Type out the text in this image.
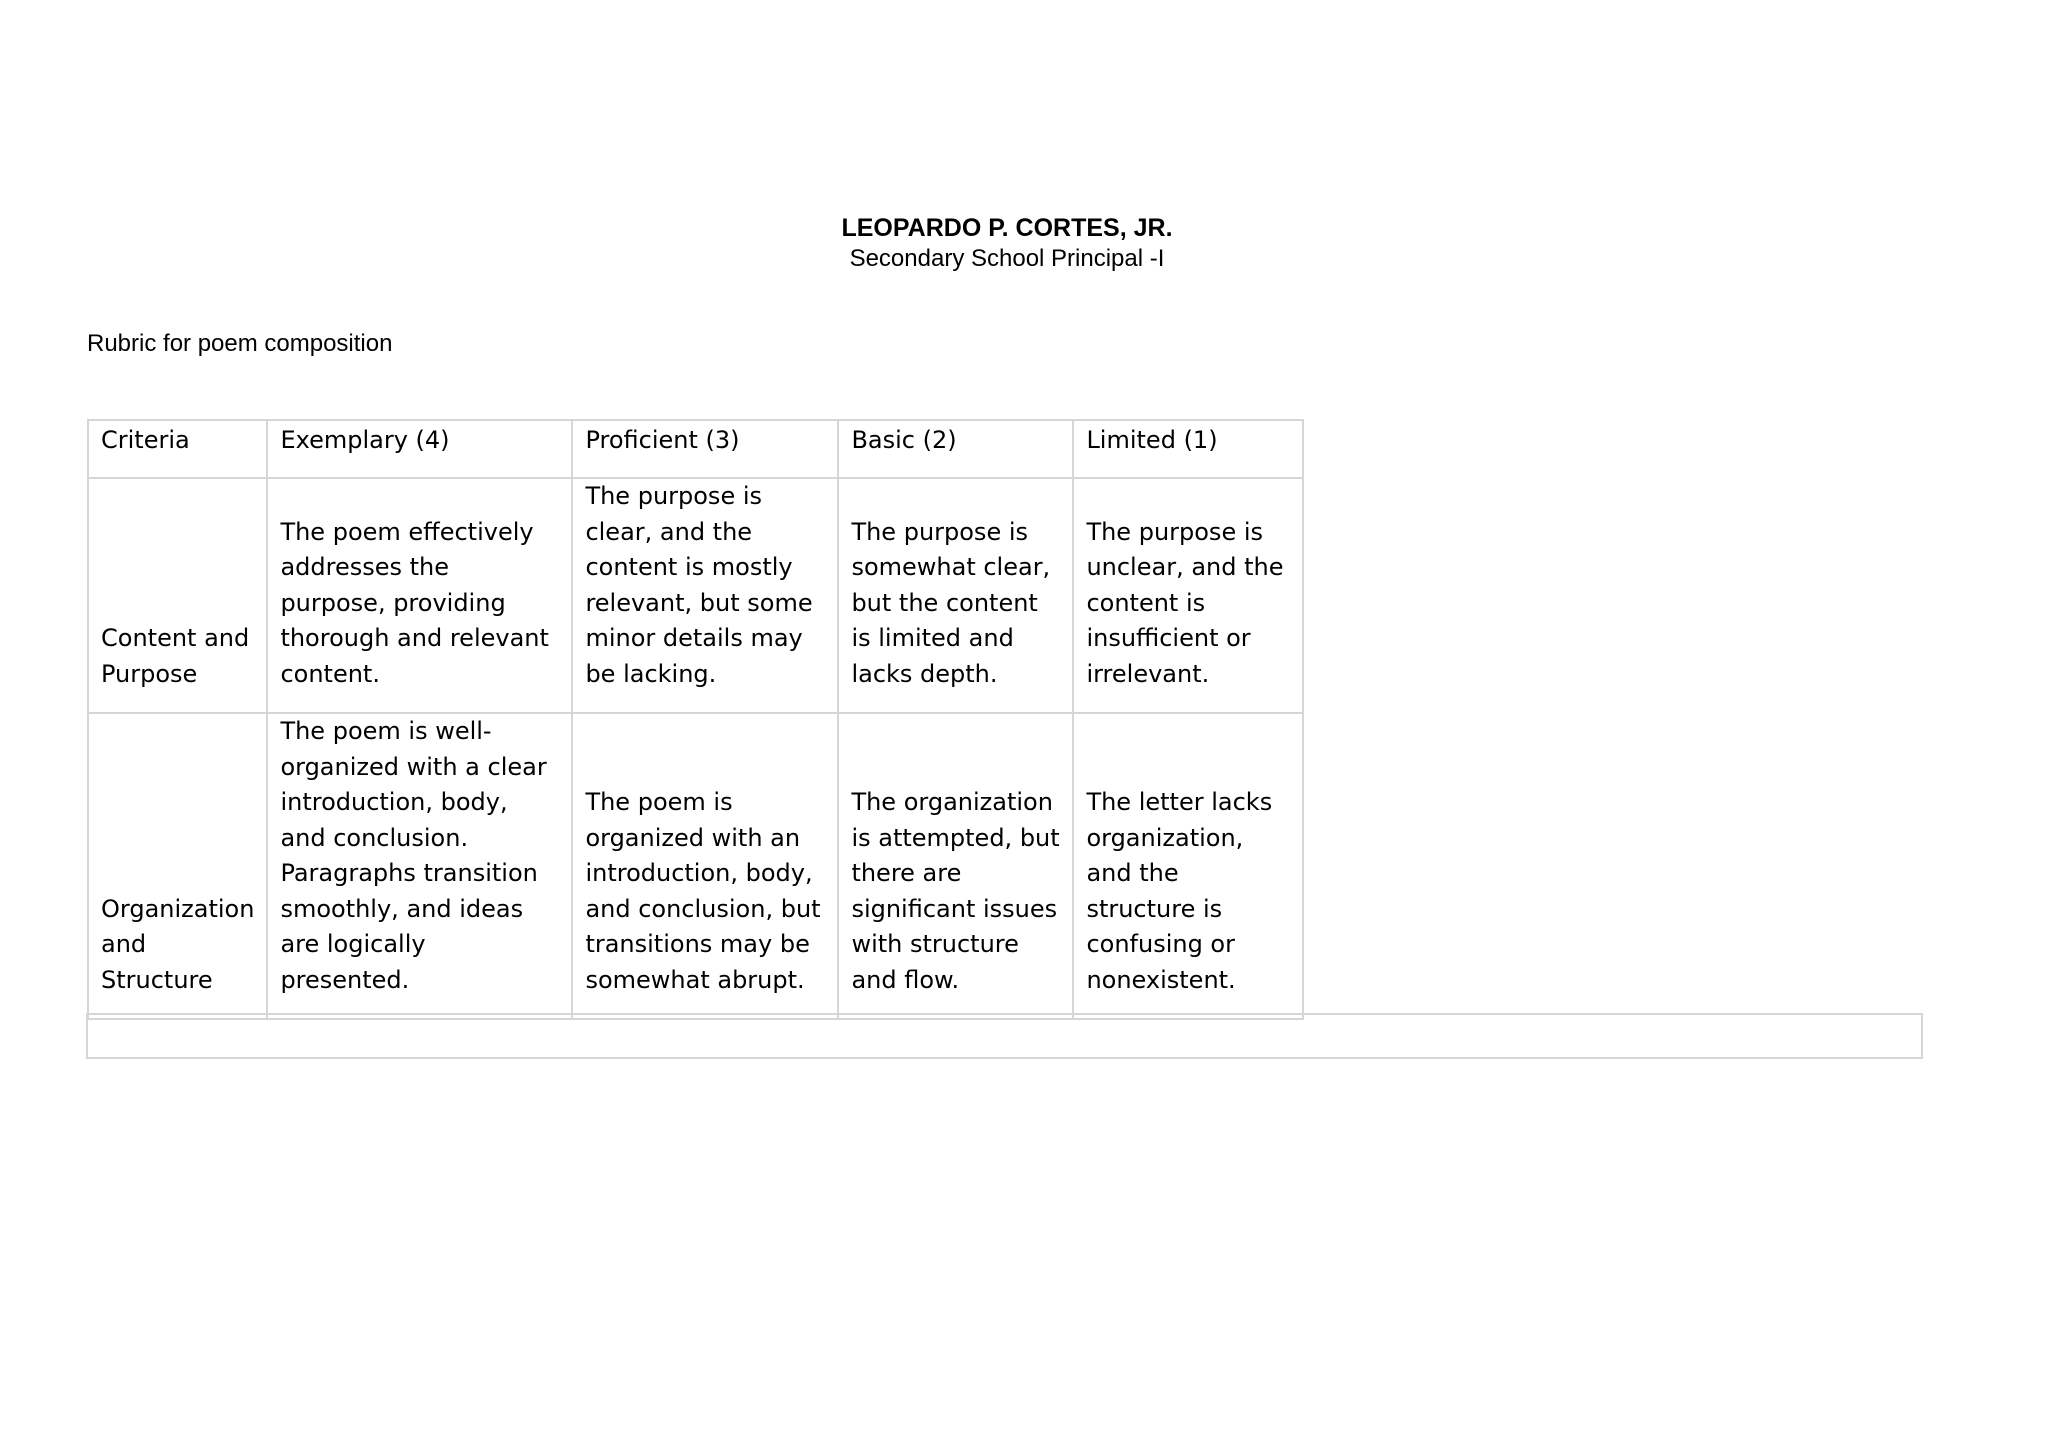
LEOPARDO P. CORTES, JR.
Secondary School Principal -I
Rubric for poem composition
Criteria	Exemplary (4)	Proficient (3)	Basic (2)	Limited (1)
Content and Purpose	The poem effectively addresses the purpose, providing thorough and relevant content.	The purpose is clear, and the content is mostly relevant, but some minor details may be lacking.	The purpose is somewhat clear, but the content is limited and lacks depth.	The purpose is unclear, and the content is insufficient or irrelevant.
Organization and Structure	The poem is well-organized with a clear introduction, body, and conclusion. Paragraphs transition smoothly, and ideas are logically presented.	The poem is organized with an introduction, body, and conclusion, but transitions may be somewhat abrupt.	The organization is attempted, but there are significant issues with structure and flow.	The letter lacks organization, and the structure is confusing or nonexistent.
